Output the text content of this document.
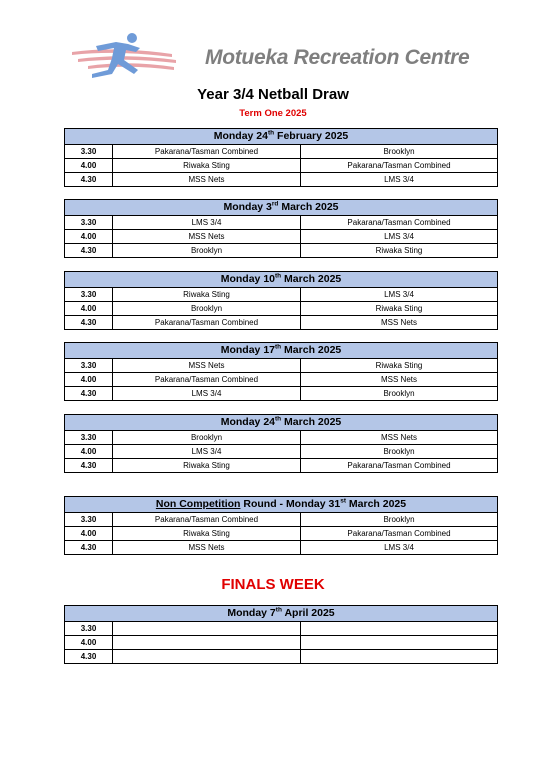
Motueka Recreation Centre
Year 3/4 Netball Draw
Term One 2025
Monday 24th February 2025		
3.30	Pakarana/Tasman Combined	Brooklyn
4.00	Riwaka Sting	Pakarana/Tasman Combined
4.30	MSS Nets	LMS 3/4
Monday 3rd March 2025		
3.30	LMS 3/4	Pakarana/Tasman Combined
4.00	MSS Nets	LMS 3/4
4.30	Brooklyn	Riwaka Sting
Monday 10th March 2025		
3.30	Riwaka Sting	LMS 3/4
4.00	Brooklyn	Riwaka Sting
4.30	Pakarana/Tasman Combined	MSS Nets
Monday 17th March 2025		
3.30	MSS Nets	Riwaka Sting
4.00	Pakarana/Tasman Combined	MSS Nets
4.30	LMS 3/4	Brooklyn
Monday 24th March 2025		
3.30	Brooklyn	MSS Nets
4.00	LMS 3/4	Brooklyn
4.30	Riwaka Sting	Pakarana/Tasman Combined
Non Competition Round - Monday 31st March 2025		
3.30	Pakarana/Tasman Combined	Brooklyn
4.00	Riwaka Sting	Pakarana/Tasman Combined
4.30	MSS Nets	LMS 3/4
Monday 7th April 2025		
3.30		
4.00		
4.30		
FINALS WEEK
